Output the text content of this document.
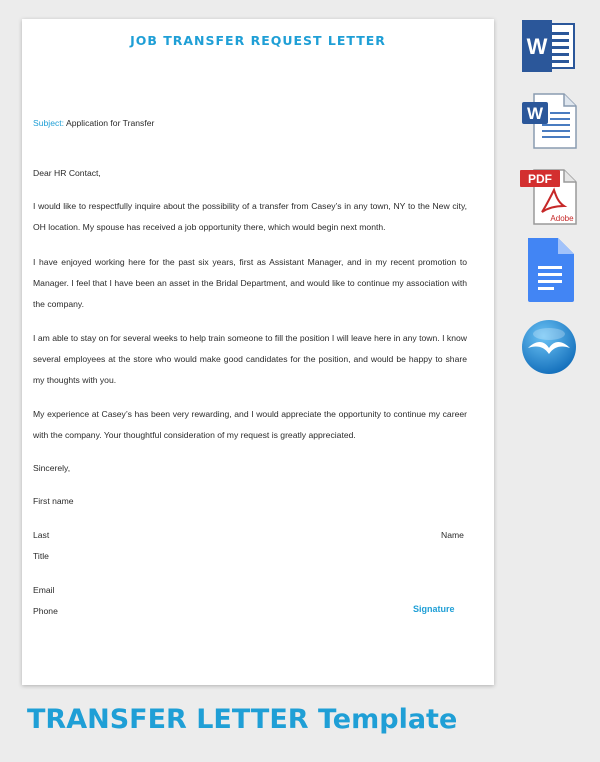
JOB TRANSFER REQUEST LETTER
Subject: Application for Transfer
Dear HR Contact,
I would like to respectfully inquire about the possibility of a transfer from Casey’s in any town, NY to the New city, OH location. My spouse has received a job opportunity there, which would begin next month.
I have enjoyed working here for the past six years, first as Assistant Manager, and in my recent promotion to Manager. I feel that I have been an asset in the Bridal Department, and would like to continue my association with the company.
I am able to stay on for several weeks to help train someone to fill the position I will leave here in any town. I know several employees at the store who would make good candidates for the position, and would be happy to share my thoughts with you.
My experience at Casey’s has been very rewarding, and I would appreciate the opportunity to continue my career with the company. Your thoughtful consideration of my request is greatly appreciated.
Sincerely,
First name
Last	Name
Title
Email
Phone	Signature
W
W
PDF
Adobe
TRANSFER LETTER Template
